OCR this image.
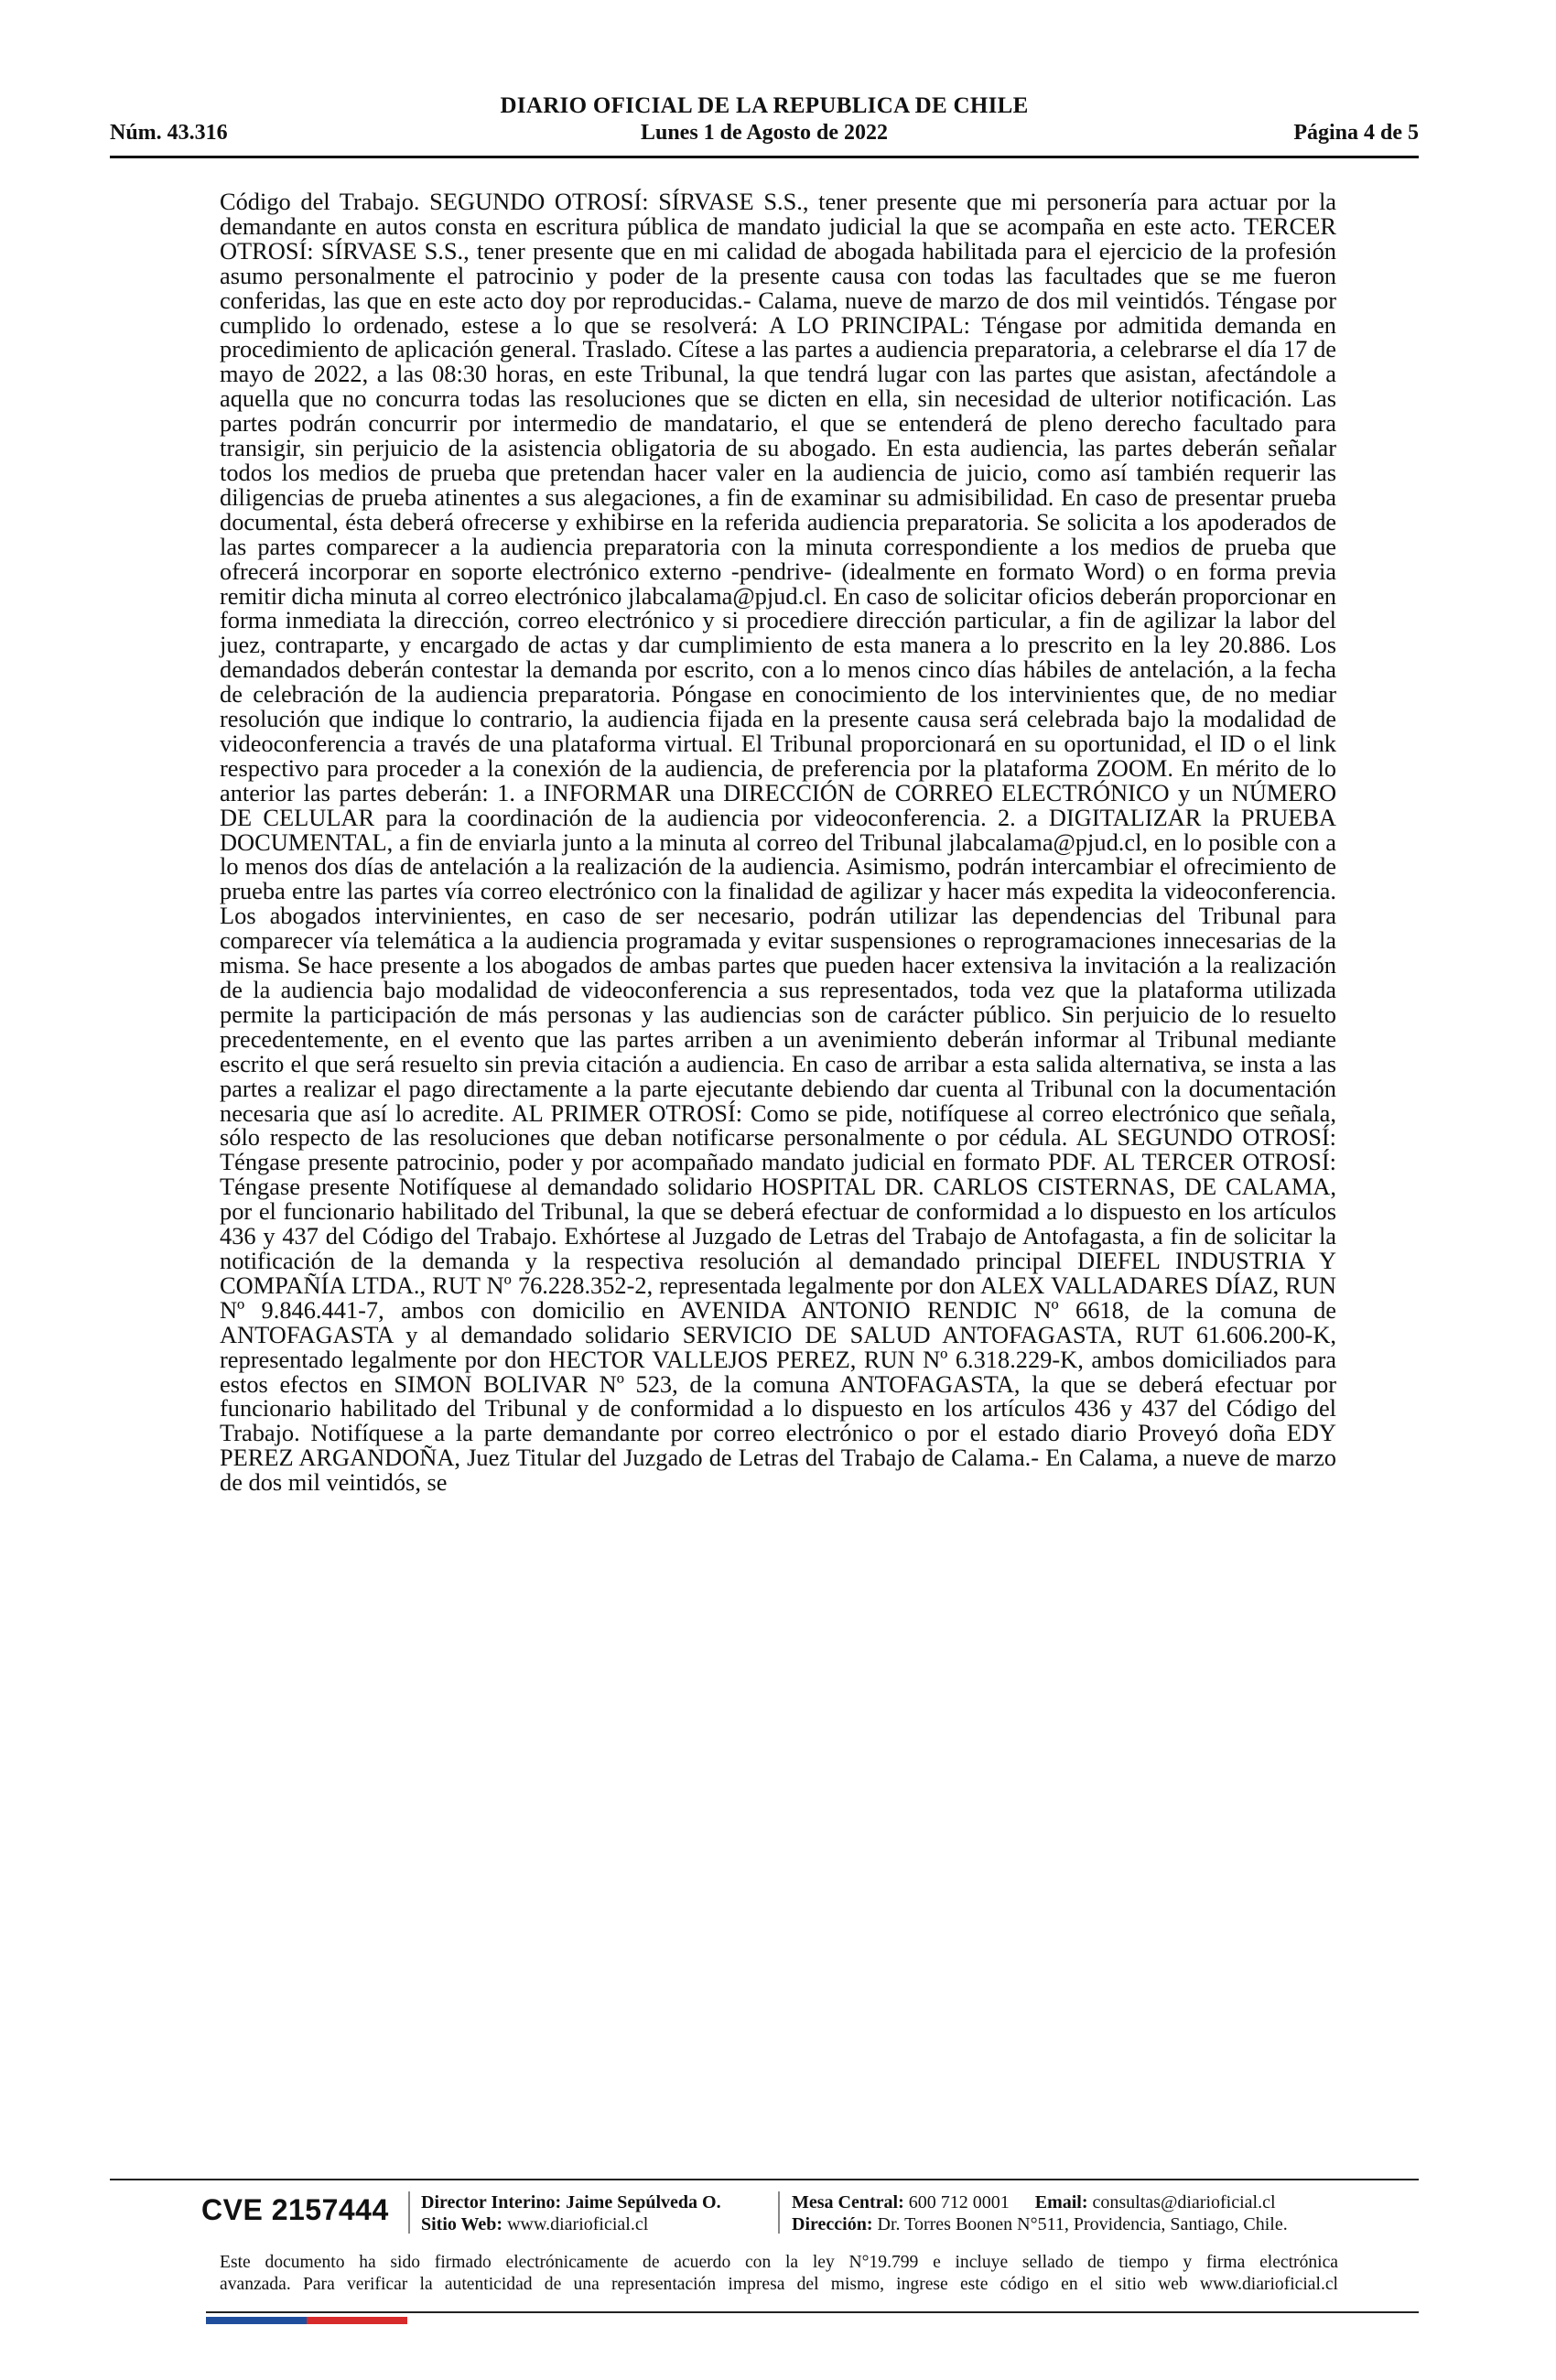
DIARIO OFICIAL DE LA REPUBLICA DE CHILE
Núm. 43.316	Lunes 1 de Agosto de 2022	Página 4 de 5

Código del Trabajo. SEGUNDO OTROSÍ: SÍRVASE S.S., tener presente que mi personería para actuar por la demandante en autos consta en escritura pública de mandato judicial la que se acompaña en este acto. TERCER OTROSÍ: SÍRVASE S.S., tener presente que en mi calidad de abogada habilitada para el ejercicio de la profesión asumo personalmente el patrocinio y poder de la presente causa con todas las facultades que se me fueron conferidas, las que en este acto doy por reproducidas.- Calama, nueve de marzo de dos mil veintidós. Téngase por cumplido lo ordenado, estese a lo que se resolverá: A LO PRINCIPAL: Téngase por admitida demanda en procedimiento de aplicación general. Traslado. Cítese a las partes a audiencia preparatoria, a celebrarse el día 17 de mayo de 2022, a las 08:30 horas, en este Tribunal, la que tendrá lugar con las partes que asistan, afectándole a aquella que no concurra todas las resoluciones que se dicten en ella, sin necesidad de ulterior notificación. Las partes podrán concurrir por intermedio de mandatario, el que se entenderá de pleno derecho facultado para transigir, sin perjuicio de la asistencia obligatoria de su abogado. En esta audiencia, las partes deberán señalar todos los medios de prueba que pretendan hacer valer en la audiencia de juicio, como así también requerir las diligencias de prueba atinentes a sus alegaciones, a fin de examinar su admisibilidad. En caso de presentar prueba documental, ésta deberá ofrecerse y exhibirse en la referida audiencia preparatoria. Se solicita a los apoderados de las partes comparecer a la audiencia preparatoria con la minuta correspondiente a los medios de prueba que ofrecerá incorporar en soporte electrónico externo -pendrive- (idealmente en formato Word) o en forma previa remitir dicha minuta al correo electrónico jlabcalama@pjud.cl. En caso de solicitar oficios deberán proporcionar en forma inmediata la dirección, correo electrónico y si procediere dirección particular, a fin de agilizar la labor del juez, contraparte, y encargado de actas y dar cumplimiento de esta manera a lo prescrito en la ley 20.886. Los demandados deberán contestar la demanda por escrito, con a lo menos cinco días hábiles de antelación, a la fecha de celebración de la audiencia preparatoria. Póngase en conocimiento de los intervinientes que, de no mediar resolución que indique lo contrario, la audiencia fijada en la presente causa será celebrada bajo la modalidad de videoconferencia a través de una plataforma virtual. El Tribunal proporcionará en su oportunidad, el ID o el link respectivo para proceder a la conexión de la audiencia, de preferencia por la plataforma ZOOM. En mérito de lo anterior las partes deberán: 1. a INFORMAR una DIRECCIÓN de CORREO ELECTRÓNICO y un NÚMERO DE CELULAR para la coordinación de la audiencia por videoconferencia. 2. a DIGITALIZAR la PRUEBA DOCUMENTAL, a fin de enviarla junto a la minuta al correo del Tribunal jlabcalama@pjud.cl, en lo posible con a lo menos dos días de antelación a la realización de la audiencia. Asimismo, podrán intercambiar el ofrecimiento de prueba entre las partes vía correo electrónico con la finalidad de agilizar y hacer más expedita la videoconferencia. Los abogados intervinientes, en caso de ser necesario, podrán utilizar las dependencias del Tribunal para comparecer vía telemática a la audiencia programada y evitar suspensiones o reprogramaciones innecesarias de la misma. Se hace presente a los abogados de ambas partes que pueden hacer extensiva la invitación a la realización de la audiencia bajo modalidad de videoconferencia a sus representados, toda vez que la plataforma utilizada permite la participación de más personas y las audiencias son de carácter público. Sin perjuicio de lo resuelto precedentemente, en el evento que las partes arriben a un avenimiento deberán informar al Tribunal mediante escrito el que será resuelto sin previa citación a audiencia. En caso de arribar a esta salida alternativa, se insta a las partes a realizar el pago directamente a la parte ejecutante debiendo dar cuenta al Tribunal con la documentación necesaria que así lo acredite. AL PRIMER OTROSÍ: Como se pide, notifíquese al correo electrónico que señala, sólo respecto de las resoluciones que deban notificarse personalmente o por cédula. AL SEGUNDO OTROSÍ: Téngase presente patrocinio, poder y por acompañado mandato judicial en formato PDF. AL TERCER OTROSÍ: Téngase presente Notifíquese al demandado solidario HOSPITAL DR. CARLOS CISTERNAS, DE CALAMA, por el funcionario habilitado del Tribunal, la que se deberá efectuar de conformidad a lo dispuesto en los artículos 436 y 437 del Código del Trabajo. Exhórtese al Juzgado de Letras del Trabajo de Antofagasta, a fin de solicitar la notificación de la demanda y la respectiva resolución al demandado principal DIEFEL INDUSTRIA Y COMPAÑÍA LTDA., RUT Nº 76.228.352-2, representada legalmente por don ALEX VALLADARES DÍAZ, RUN Nº 9.846.441-7, ambos con domicilio en AVENIDA ANTONIO RENDIC Nº 6618, de la comuna de ANTOFAGASTA y al demandado solidario SERVICIO DE SALUD ANTOFAGASTA, RUT 61.606.200-K, representado legalmente por don HECTOR VALLEJOS PEREZ, RUN Nº 6.318.229-K, ambos domiciliados para estos efectos en SIMON BOLIVAR Nº 523, de la comuna ANTOFAGASTA, la que se deberá efectuar por funcionario habilitado del Tribunal y de conformidad a lo dispuesto en los artículos 436 y 437 del Código del Trabajo. Notifíquese a la parte demandante por correo electrónico o por el estado diario Proveyó doña EDY PEREZ ARGANDOÑA, Juez Titular del Juzgado de Letras del Trabajo de Calama.- En Calama, a nueve de marzo de dos mil veintidós, se

CVE 2157444 Director Interino: Jaime Sepúlveda O.
Sitio Web: www.diarioficial.cl
Mesa Central: 600 712 0001 Email: consultas@diarioficial.cl
Dirección: Dr. Torres Boonen N°511, Providencia, Santiago, Chile.

Este documento ha sido firmado electrónicamente de acuerdo con la ley N°19.799 e incluye sellado de tiempo y firma electrónica

avanzada. Para verificar la autenticidad de una representación impresa del mismo, ingrese este código en el sitio web www.diarioficial.cl
